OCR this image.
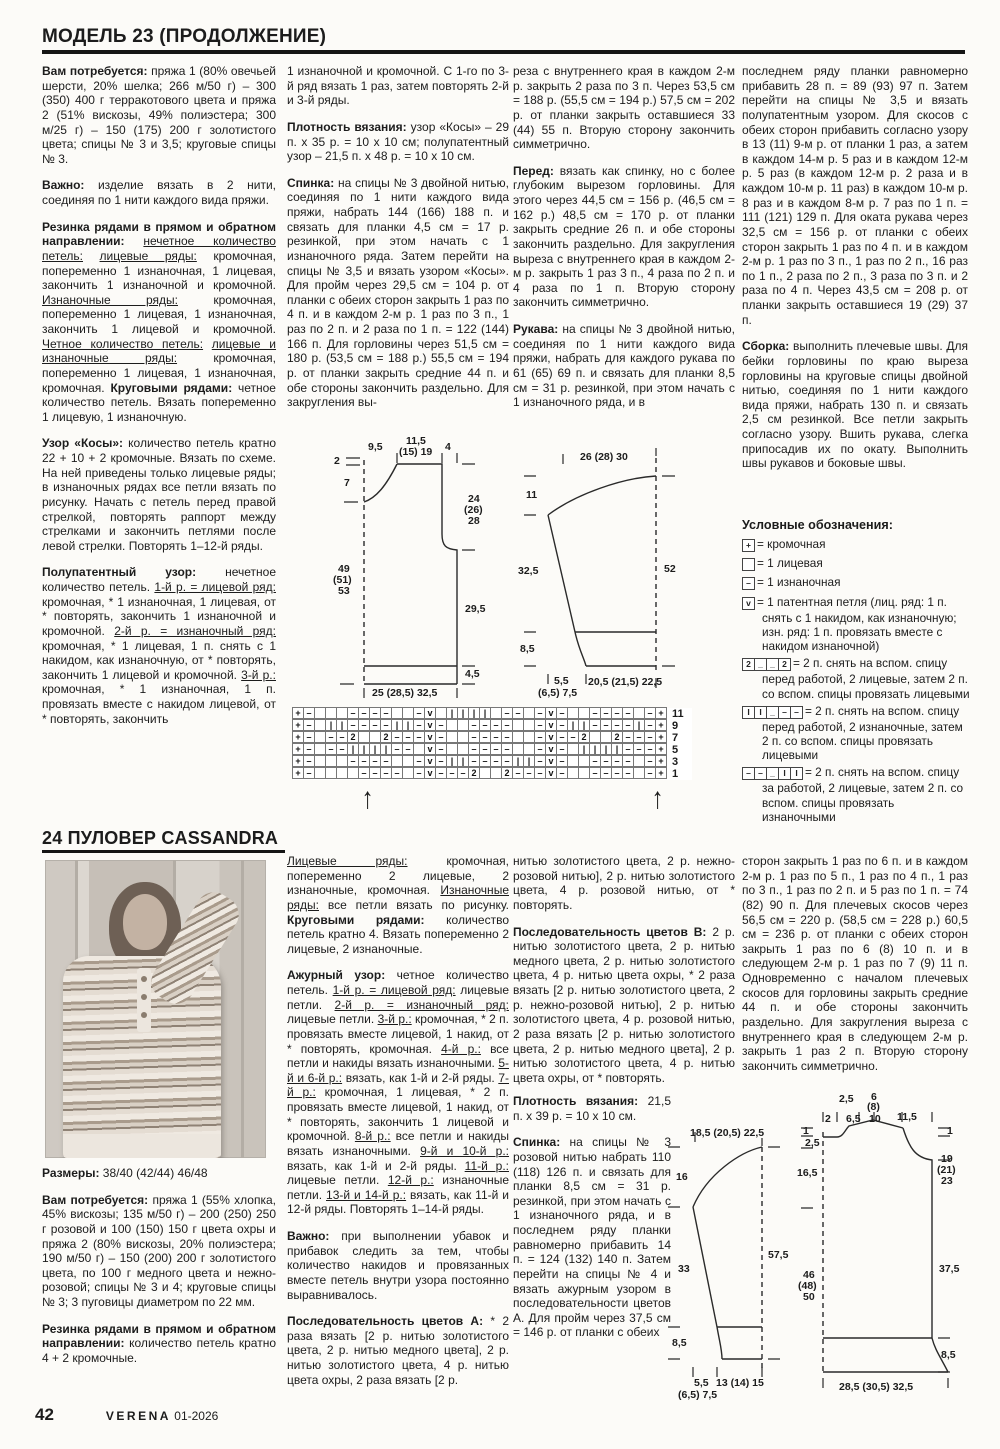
МОДЕЛЬ 23 (ПРОДОЛЖЕНИЕ)

Вам потребуется: пряжа 1 (80% овечьей шерсти, 20% шелка; 266 м/50 г) – 300 (350) 400 г терракотового цвета и пряжа 2 (51% вискозы, 49% полиэстера; 300 м/25 г) – 150 (175) 200 г золотистого цвета; спицы № 3 и 3,5; круговые спицы № 3.

Важно: изделие вязать в 2 нити, соединяя по 1 нити каждого вида пряжи.

Резинка рядами в прямом и обратном направлении: нечетное количество петель: лицевые ряды: кромочная, попеременно 1 изнаночная, 1 лицевая, закончить 1 изнаночной и кромочной. Изнаночные ряды: кромочная, попеременно 1 лицевая, 1 изнаночная, закончить 1 лицевой и кромочной. Четное количество петель: лицевые и изнаночные ряды: кромочная, попеременно 1 лицевая, 1 изнаночная, кромочная. Круговыми рядами: четное количество петель. Вязать попеременно 1 лицевую, 1 изнаночную.

Узор «Косы»: количество петель кратно 22 + 10 + 2 кромочные. Вязать по схеме. На ней приведены только лицевые ряды; в изнаночных рядах все петли вязать по рисунку. Начать с петель перед правой стрелкой, повторять раппорт между стрелками и закончить петлями после левой стрелки. Повторять 1–12-й ряды.

Полупатентный узор: нечетное количество петель. 1-й р. = лицевой ряд: кромочная, * 1 изнаночная, 1 лицевая, от * повторять, закончить 1 изнаночной и кромочной. 2-й р. = изнаночный ряд: кромочная, * 1 лицевая, 1 п. снять с 1 накидом, как изнаночную, от * повторять, закончить 1 лицевой и кромочной. 3-й р.: кромочная, * 1 изнаночная, 1 п. провязать вместе с накидом лицевой, от * повторять, закончить

1 изнаночной и кромочной. С 1-го по 3-й ряд вязать 1 раз, затем повторять 2-й и 3-й ряды.

Плотность вязания: узор «Косы» – 29 п. x 35 р. = 10 x 10 см; полупатентный узор – 21,5 п. x 48 р. = 10 x 10 см.

Спинка: на спицы № 3 двойной нитью, соединяя по 1 нити каждого вида пряжи, набрать 144 (166) 188 п. и связать для планки 4,5 см = 17 р. резинкой, при этом начать с 1 изнаночного ряда. Затем перейти на спицы № 3,5 и вязать узором «Косы». Для пройм через 29,5 см = 104 р. от планки с обеих сторон закрыть 1 раз по 4 п. и в каждом 2-м р. 1 раз по 3 п., 1 раз по 2 п. и 2 раза по 1 п. = 122 (144) 166 п. Для горловины через 51,5 см = 180 р. (53,5 см = 188 р.) 55,5 см = 194 р. от планки закрыть средние 44 п. и обе стороны закончить раздельно. Для закругления вы-

реза с внутреннего края в каждом 2-м р. закрыть 2 раза по 3 п. Через 53,5 см = 188 р. (55,5 см = 194 р.) 57,5 см = 202 р. от планки закрыть оставшиеся 33 (44) 55 п. Вторую сторону закончить симметрично.

Перед: вязать как спинку, но с более глубоким вырезом горловины. Для этого через 44,5 см = 156 р. (46,5 см = 162 р.) 48,5 см = 170 р. от планки закрыть средние 26 п. и обе стороны закончить раздельно. Для закругления выреза с внутреннего края в каждом 2-м р. закрыть 1 раз 3 п., 4 раза по 2 п. и 4 раза по 1 п. Вторую сторону закончить симметрично.

Рукава: на спицы № 3 двойной нитью, соединяя по 1 нити каждого вида пряжи, набрать для каждого рукава по 61 (65) 69 п. и связать для планки 8,5 см = 31 р. резинкой, при этом начать с 1 изнаночного ряда, и в

последнем ряду планки равномерно прибавить 28 п. = 89 (93) 97 п. Затем перейти на спицы № 3,5 и вязать полупатентным узором. Для скосов с обеих сторон прибавить согласно узору в 13 (11) 9-м р. от планки 1 раз, а затем в каждом 14-м р. 5 раз и в каждом 12-м р. 5 раз (в каждом 12-м р. 2 раза и в каждом 10-м р. 11 раз) в каждом 10-м р. 8 раз и в каждом 8-м р. 7 раз по 1 п. = 111 (121) 129 п. Для оката рукава через 32,5 см = 156 р. от планки с обеих сторон закрыть 1 раз по 4 п. и в каждом 2-м р. 1 раз по 3 п., 1 раз по 2 п., 16 раз по 1 п., 2 раза по 2 п., 3 раза по 3 п. и 2 раза по 4 п. Через 43,5 см = 208 р. от планки закрыть оставшиеся 19 (29) 37 п.

Сборка: выполнить плечевые швы. Для бейки горловины по краю выреза горловины на круговые спицы двойной нитью, соединяя по 1 нити каждого вида пряжи, набрать 130 п. и связать 2,5 см резинкой. Все петли закрыть согласно узору. Вшить рукава, слегка припосадив их по окату. Выполнить швы рукавов и боковые швы.

9,5 11,5
(15) 19 4
2
7
49
(51)
53
24
(26)
28
29,5
4,5
25 (28,5) 32,5
26 (28) 30
11
32,5
8,5
52
5,5
(6,5) 7,5
20,5 (21,5) 22,5
+ –	– – – –	– v	| | | |	– –	– v –	– – – –	– + 11
+ –	| | – – – – | | – v –	– – – –	– v – | | – – – – | – + 9
+ –	– – 2	2 – – – v –	– – – –	– v – – 2	2 – – – + 7
+ –	– – | | | | – –	v –	– – – –	– v –	| | | | – – – + 5
+ –	– – – –	– v – | | – – – – | | – v –	– – – –	– + 3
+ –	– – – –	– v – – – 2	2 – – – v –	– – – –	– + 1
↑	↑
Условные обозначения:
+ = кромочная
= 1 лицевая
– = 1 изнаночная
v = 1 патентная петля (лиц. ряд: 1 п. снять с 1 накидом, как изнаночную; изн. ряд: 1 п. провязать вместе с накидом изнаночной)
2 _ _ 2 = 2 п. снять на вспом. спицу перед работой, 2 лицевые, затем 2 п. со вспом. спицы провязать лицевыми
I I _ – – = 2 п. снять на вспом. спицу перед работой, 2 изнаночные, затем 2 п. со вспом. спицы провязать лицевыми
– – _ I I = 2 п. снять на вспом. спицу за работой, 2 лицевые, затем 2 п. со вспом. спицы провязать изнаночными
24 ПУЛОВЕР CASSANDRA

Размеры: 38/40 (42/44) 46/48

Вам потребуется: пряжа 1 (55% хлопка, 45% вискозы; 135 м/50 г) – 200 (250) 250 г розовой и 100 (150) 150 г цвета охры и пряжа 2 (80% вискозы, 20% полиэстера; 190 м/50 г) – 150 (200) 200 г золотистого цвета, по 100 г медного цвета и нежно-розовой; спицы № 3 и 4; круговые спицы № 3; 3 пуговицы диаметром по 22 мм.

Резинка рядами в прямом и обратном направлении: количество петель кратно 4 + 2 кромочные.

Лицевые ряды: кромочная, попеременно 2 лицевые, 2 изнаночные, кромочная. Изнаночные ряды: все петли вязать по рисунку. Круговыми рядами: количество петель кратно 4. Вязать попеременно 2 лицевые, 2 изнаночные.

Ажурный узор: четное количество петель. 1-й р. = лицевой ряд: лицевые петли. 2-й р. = изнаночный ряд: лицевые петли. 3-й р.: кромочная, * 2 п. провязать вместе лицевой, 1 накид, от * повторять, кромочная. 4-й р.: все петли и накиды вязать изнаночными. 5-й и 6-й р.: вязать, как 1-й и 2-й ряды. 7-й р.: кромочная, 1 лицевая, * 2 п. провязать вместе лицевой, 1 накид, от * повторять, закончить 1 лицевой и кромочной. 8-й р.: все петли и накиды вязать изнаночными. 9-й и 10-й р.: вязать, как 1-й и 2-й ряды. 11-й р.: лицевые петли. 12-й р.: изнаночные петли. 13-й и 14-й р.: вязать, как 11-й и 12-й ряды. Повторять 1–14-й ряды.

Важно: при выполнении убавок и прибавок следить за тем, чтобы количество накидов и провязанных вместе петель внутри узора постоянно выравнивалось.

Последовательность цветов А: * 2 раза вязать [2 р. нитью золотистого цвета, 2 р. нитью медного цвета], 2 р. нитью золотистого цвета, 4 р. нитью цвета охры, 2 раза вязать [2 р.

нитью золотистого цвета, 2 р. нежно-розовой нитью], 2 р. нитью золотистого цвета, 4 р. розовой нитью, от * повторять.

Последовательность цветов В: 2 р. нитью золотистого цвета, 2 р. нитью медного цвета, 2 р. нитью золотистого цвета, 4 р. нитью цвета охры, * 2 раза вязать [2 р. нитью золотистого цвета, 2 р. нежно-розовой нитью], 2 р. нитью золотистого цвета, 4 р. розовой нитью, 2 раза вязать [2 р. нитью золотистого цвета, 2 р. нитью медного цвета], 2 р. нитью золотистого цвета, 4 р. нитью цвета охры, от * повторять.

Плотность вязания: 21,5 п. x 39 р. = 10 x 10 см.

Спинка: на спицы № 3 розовой нитью набрать 110 (118) 126 п. и связать для планки 8,5 см = 31 р. резинкой, при этом начать с 1 изнаночного ряда, и в последнем ряду планки равномерно прибавить 14 п. = 124 (132) 140 п. Затем перейти на спицы № 4 и вязать ажурным узором в последовательности цветов А. Для пройм через 37,5 см = 146 р. от планки с обеих

сторон закрыть 1 раз по 6 п. и в каждом 2-м р. 1 раз по 5 п., 1 раз по 4 п., 1 раз по 3 п., 1 раз по 2 п. и 5 раз по 1 п. = 74 (82) 90 п. Для плечевых скосов через 56,5 см = 220 р. (58,5 см = 228 р.) 60,5 см = 236 р. от планки с обеих сторон закрыть 1 раз по 6 (8) 10 п. и в следующем 2-м р. 1 раз по 7 (9) 11 п. Одновременно с началом плечевых скосов для горловины закрыть средние 44 п. и обе стороны закончить раздельно. Для закругления выреза с внутреннего края в следующем 2-м р. закрыть 1 раз 2 п. Вторую сторону закончить симметрично.

18,5 (20,5) 22,5
16
33
8,5
57,5
5,5 13 (14) 15
(6,5) 7,5
2,5 6
(8)
2 6,5 10 11,5
1
2,5
1
16,5
19
(21)
23
46
(48)
50
37,5
8,5
28,5 (30,5) 32,5
42	VERENA 01-2026
